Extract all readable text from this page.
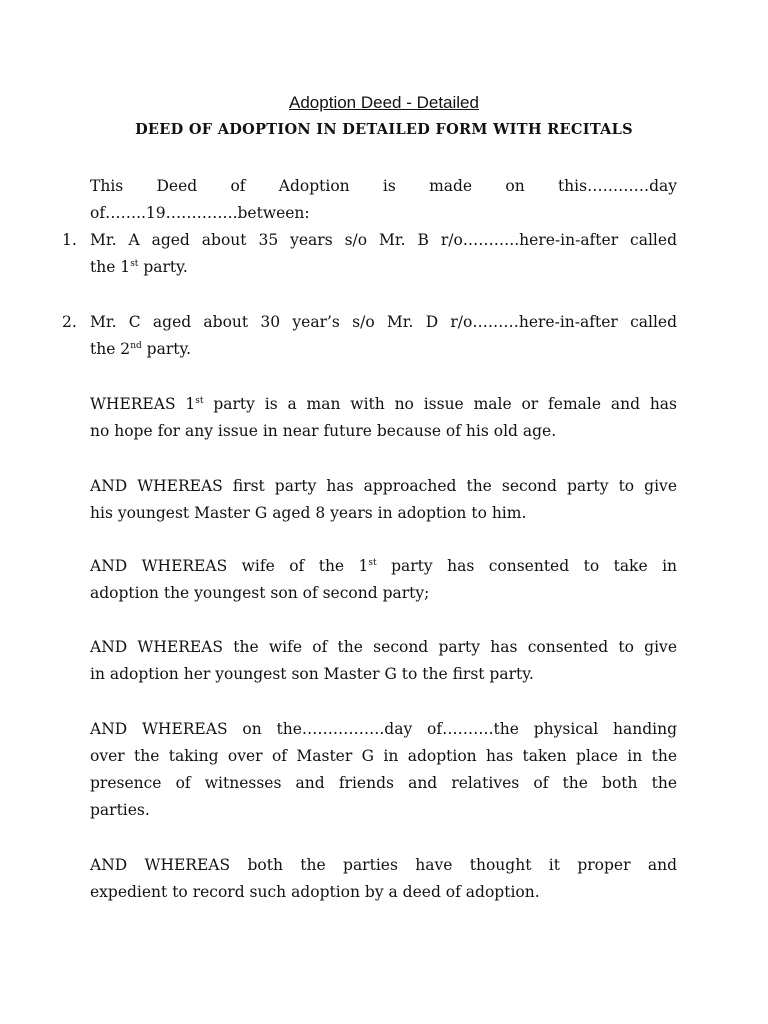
Adoption Deed - Detailed
DEED OF ADOPTION IN DETAILED FORM WITH RECITALS
This Deed of Adoption is made on this…………day
of……..19…………..between:
1. Mr. A aged about 35 years s/o Mr. B r/o………..here-in-after called
the 1st party.
2. Mr. C aged about 30 year’s s/o Mr. D r/o………here-in-after called
the 2nd party.
WHEREAS 1st party is a man with no issue male or female and has
no hope for any issue in near future because of his old age.
AND WHEREAS first party has approached the second party to give
his youngest Master G aged 8 years in adoption to him.
AND WHEREAS wife of the 1st party has consented to take in
adoption the youngest son of second party;
AND WHEREAS the wife of the second party has consented to give
in adoption her youngest son Master G to the first party.
AND WHEREAS on the…………….day of……….the physical handing
over the taking over of Master G in adoption has taken place in the
presence of witnesses and friends and relatives of the both the
parties.
AND WHEREAS both the parties have thought it proper and
expedient to record such adoption by a deed of adoption.
